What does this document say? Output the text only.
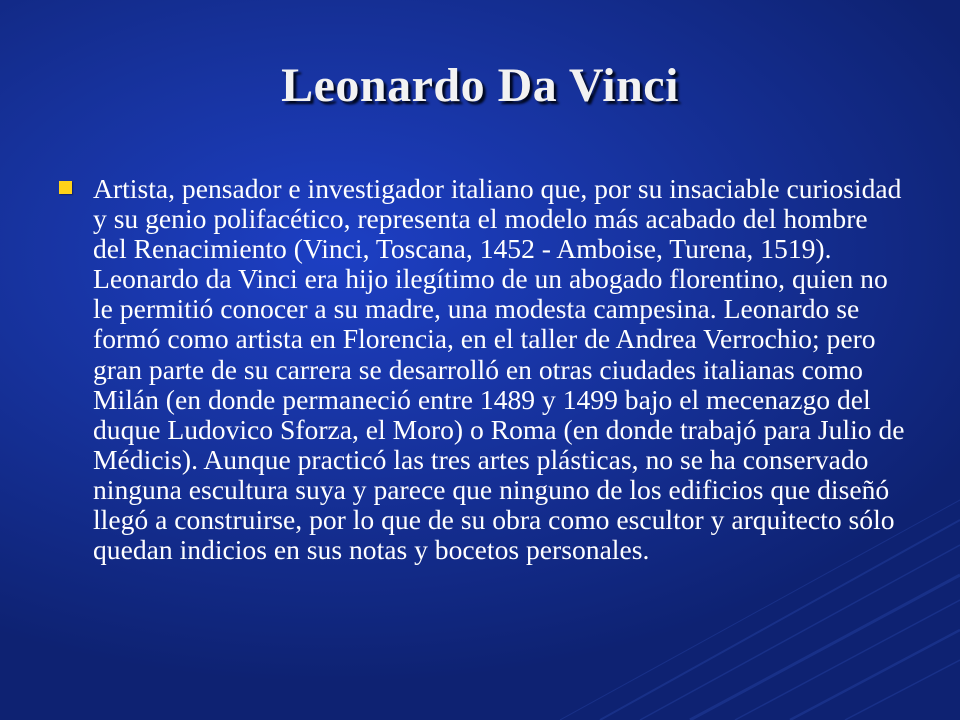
Leonardo Da Vinci
Artista, pensador e investigador italiano que, por su insaciable curiosidad y su genio polifacético, representa el modelo más acabado del hombre del Renacimiento (Vinci, Toscana, 1452 - Amboise, Turena, 1519). Leonardo da Vinci era hijo ilegítimo de un abogado florentino, quien no le permitió conocer a su madre, una modesta campesina. Leonardo se formó como artista en Florencia, en el taller de Andrea Verrochio; pero gran parte de su carrera se desarrolló en otras ciudades italianas como Milán (en donde permaneció entre 1489 y 1499 bajo el mecenazgo del duque Ludovico Sforza, el Moro) o Roma (en donde trabajó para Julio de Médicis). Aunque practicó las tres artes plásticas, no se ha conservado ninguna escultura suya y parece que ninguno de los edificios que diseñó llegó a construirse, por lo que de su obra como escultor y arquitecto sólo quedan indicios en sus notas y bocetos personales.
